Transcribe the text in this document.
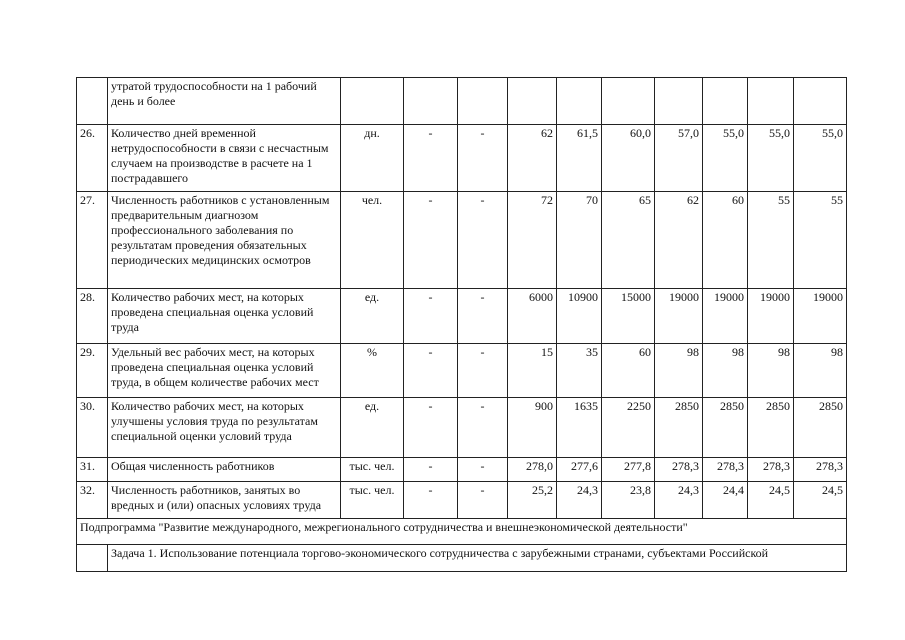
	утратой трудоспособности на 1 рабочий день и более										
26.	Количество дней временной нетрудоспособности в связи с несчастным случаем на производстве в расчете на 1 пострадавшего	дн.	-	-	62	61,5	60,0	57,0	55,0	55,0	55,0
27.	Численность работников с установленным предварительным диагнозом профессионального заболевания по результатам проведения обязательных периодических медицинских осмотров	чел.	-	-	72	70	65	62	60	55	55
28.	Количество рабочих мест, на которых проведена специальная оценка условий труда	ед.	-	-	6000	10900	15000	19000	19000	19000	19000
29.	Удельный вес рабочих мест, на которых проведена специальная оценка условий труда, в общем количестве рабочих мест	%	-	-	15	35	60	98	98	98	98
30.	Количество рабочих мест, на которых улучшены условия труда по результатам специальной оценки условий труда	ед.	-	-	900	1635	2250	2850	2850	2850	2850
31.	Общая численность работников	тыс. чел.	-	-	278,0	277,6	277,8	278,3	278,3	278,3	278,3
32.	Численность работников, занятых во вредных и (или) опасных условиях труда	тыс. чел.	-	-	25,2	24,3	23,8	24,3	24,4	24,5	24,5
Подпрограмма "Развитие международного, межрегионального сотрудничества и внешнеэкономической деятельности"											
	Задача 1. Использование потенциала торгово-экономического сотрудничества с зарубежными странами, субъектами Российской										
